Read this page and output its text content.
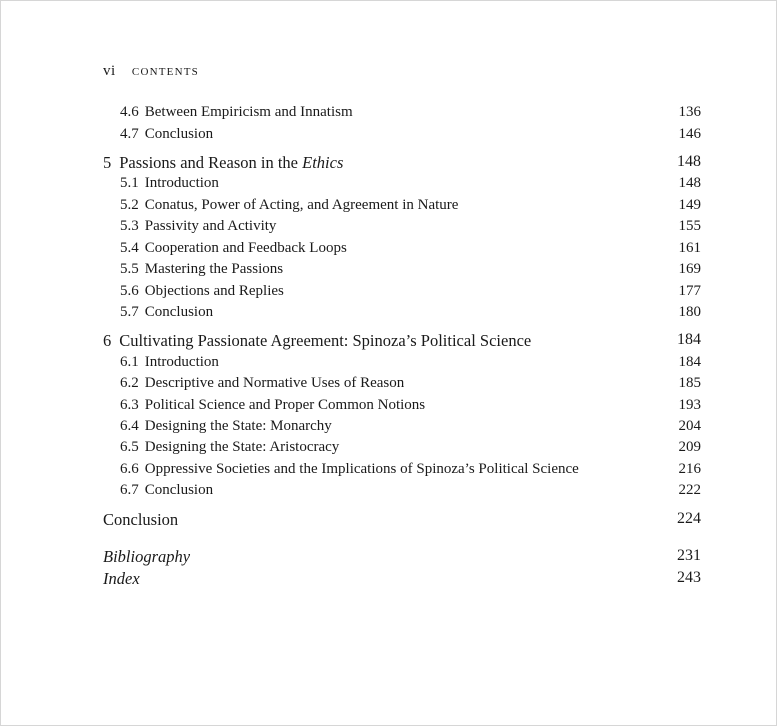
vi contents
4.6 Between Empiricism and Innatism	136
4.7 Conclusion	146
5 Passions and Reason in the Ethics	148
5.1 Introduction	148
5.2 Conatus, Power of Acting, and Agreement in Nature	149
5.3 Passivity and Activity	155
5.4 Cooperation and Feedback Loops	161
5.5 Mastering the Passions	169
5.6 Objections and Replies	177
5.7 Conclusion	180
6 Cultivating Passionate Agreement: Spinoza’s Political Science	184
6.1 Introduction	184
6.2 Descriptive and Normative Uses of Reason	185
6.3 Political Science and Proper Common Notions	193
6.4 Designing the State: Monarchy	204
6.5 Designing the State: Aristocracy	209
6.6 Oppressive Societies and the Implications of Spinoza’s Political Science	216
6.7 Conclusion	222
Conclusion	224
Bibliography	231
Index	243
